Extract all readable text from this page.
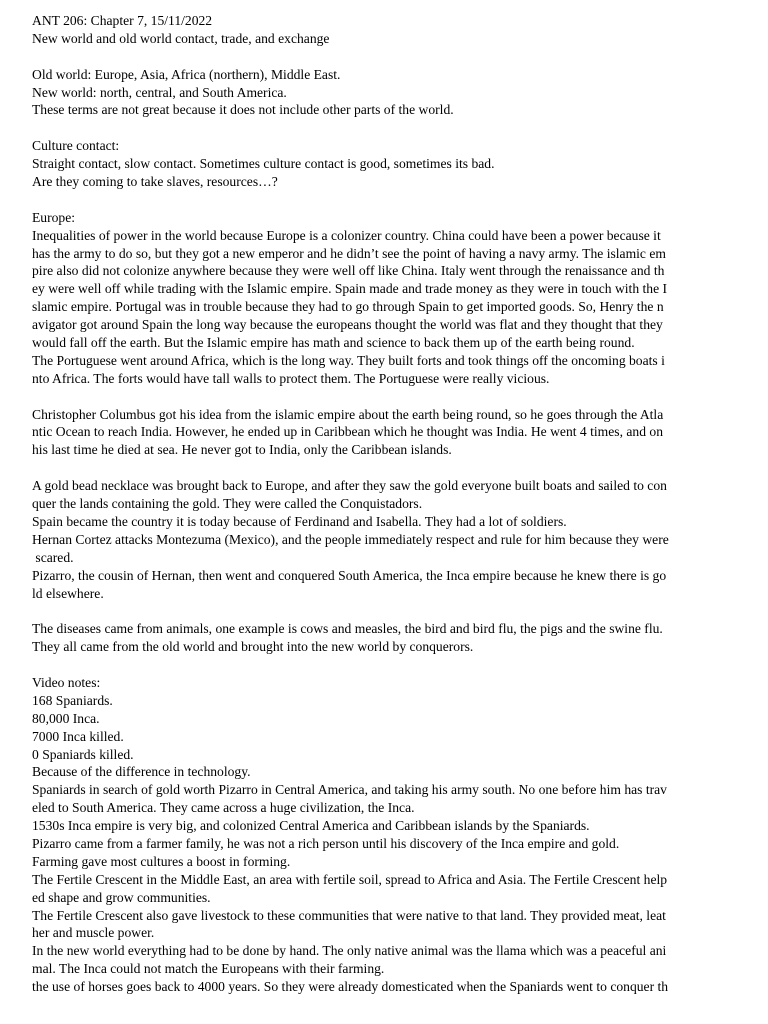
ANT 206: Chapter 7, 15/11/2022
New world and old world contact, trade, and exchange
Old world: Europe, Asia, Africa (northern), Middle East.
New world: north, central, and South America.
These terms are not great because it does not include other parts of the world.
Culture contact:
Straight contact, slow contact. Sometimes culture contact is good, sometimes its bad.
Are they coming to take slaves, resources…?
Europe:
Inequalities of power in the world because Europe is a colonizer country. China could have been a power because it
has the army to do so, but they got a new emperor and he didn’t see the point of having a navy army. The islamic em
pire also did not colonize anywhere because they were well off like China. Italy went through the renaissance and th
ey were well off while trading with the Islamic empire. Spain made and trade money as they were in touch with the I
slamic empire. Portugal was in trouble because they had to go through Spain to get imported goods. So, Henry the n
avigator got around Spain the long way because the europeans thought the world was flat and they thought that they
would fall off the earth. But the Islamic empire has math and science to back them up of the earth being round.
The Portuguese went around Africa, which is the long way. They built forts and took things off the oncoming boats i
nto Africa. The forts would have tall walls to protect them. The Portuguese were really vicious.
Christopher Columbus got his idea from the islamic empire about the earth being round, so he goes through the Atla
ntic Ocean to reach India. However, he ended up in Caribbean which he thought was India. He went 4 times, and on
his last time he died at sea. He never got to India, only the Caribbean islands.
A gold bead necklace was brought back to Europe, and after they saw the gold everyone built boats and sailed to con
quer the lands containing the gold. They were called the Conquistadors.
Spain became the country it is today because of Ferdinand and Isabella. They had a lot of soldiers.
Hernan Cortez attacks Montezuma (Mexico), and the people immediately respect and rule for him because they were
scared.
Pizarro, the cousin of Hernan, then went and conquered South America, the Inca empire because he knew there is go
ld elsewhere.
The diseases came from animals, one example is cows and measles, the bird and bird flu, the pigs and the swine flu.
They all came from the old world and brought into the new world by conquerors.
Video notes:
168 Spaniards.
80,000 Inca.
7000 Inca killed.
0 Spaniards killed.
Because of the difference in technology.
Spaniards in search of gold worth Pizarro in Central America, and taking his army south. No one before him has trav
eled to South America. They came across a huge civilization, the Inca.
1530s Inca empire is very big, and colonized Central America and Caribbean islands by the Spaniards.
Pizarro came from a farmer family, he was not a rich person until his discovery of the Inca empire and gold.
Farming gave most cultures a boost in forming.
The Fertile Crescent in the Middle East, an area with fertile soil, spread to Africa and Asia. The Fertile Crescent help
ed shape and grow communities.
The Fertile Crescent also gave livestock to these communities that were native to that land. They provided meat, leat
her and muscle power.
In the new world everything had to be done by hand. The only native animal was the llama which was a peaceful ani
mal. The Inca could not match the Europeans with their farming.
the use of horses goes back to 4000 years. So they were already domesticated when the Spaniards went to conquer th
